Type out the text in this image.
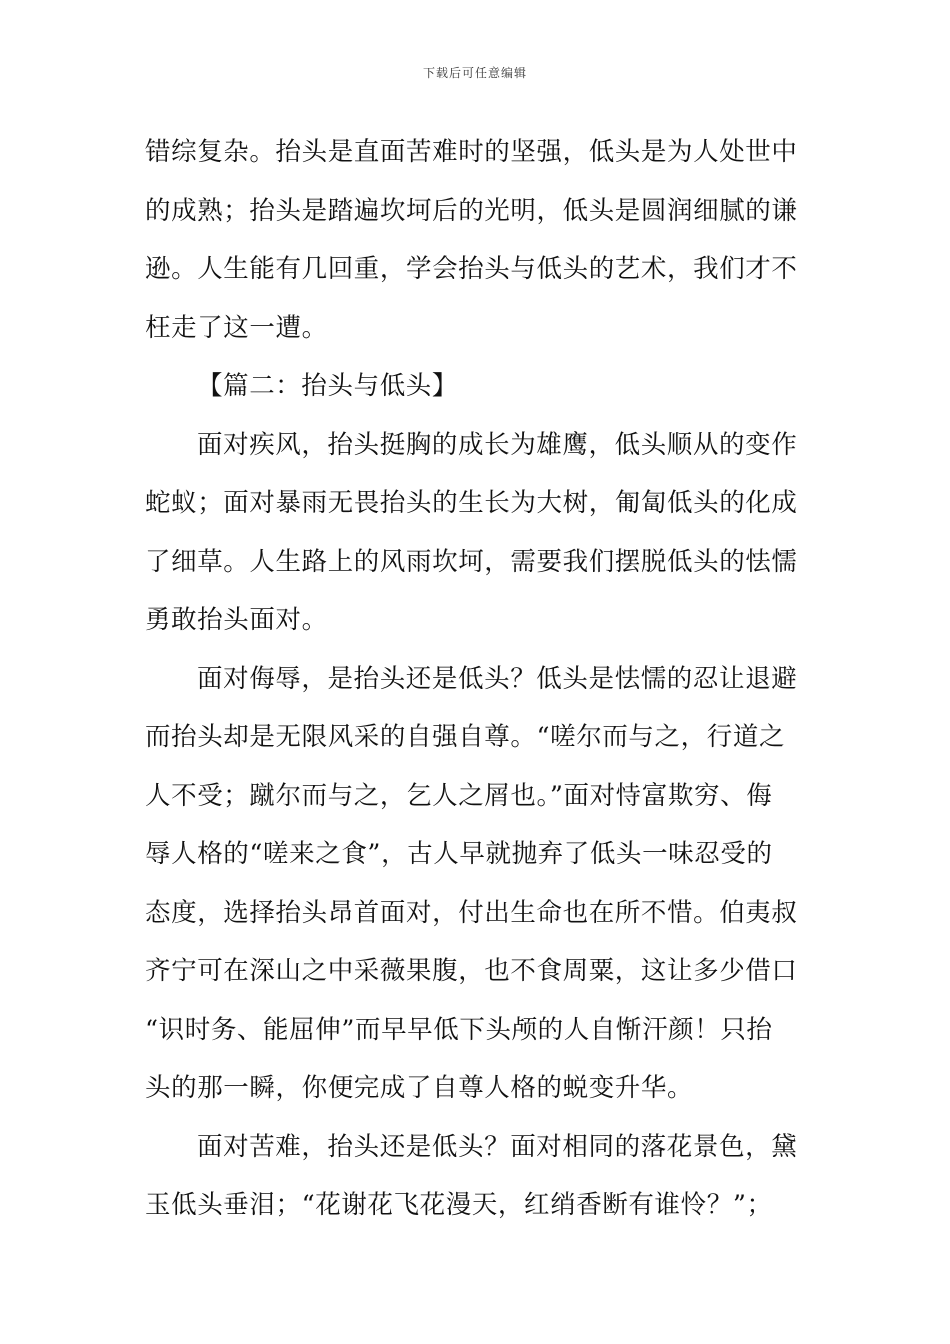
下载后可任意编辑
错综复杂。抬头是直面苦难时的坚强，低头是为人处世中
的成熟；抬头是踏遍坎坷后的光明，低头是圆润细腻的谦
逊。人生能有几回重，学会抬头与低头的艺术，我们才不
枉走了这一遭。
【篇二：抬头与低头】
面对疾风，抬头挺胸的成长为雄鹰，低头顺从的变作
蛇蚁；面对暴雨无畏抬头的生长为大树，匍匐低头的化成
了细草。人生路上的风雨坎坷，需要我们摆脱低头的怯懦
勇敢抬头面对。
面对侮辱，是抬头还是低头？低头是怯懦的忍让退避
而抬头却是无限风采的自强自尊。“嗟尔而与之，行道之
人不受；蹴尔而与之，乞人之屑也。”面对恃富欺穷、侮
辱人格的“嗟来之食”，古人早就抛弃了低头一味忍受的
态度，选择抬头昂首面对，付出生命也在所不惜。伯夷叔
齐宁可在深山之中采薇果腹，也不食周粟，这让多少借口
“识时务、能屈伸”而早早低下头颅的人自惭汗颜！只抬
头的那一瞬，你便完成了自尊人格的蜕变升华。
面对苦难，抬头还是低头？面对相同的落花景色，黛
玉低头垂泪；“花谢花飞花漫天，红绡香断有谁怜？”；
